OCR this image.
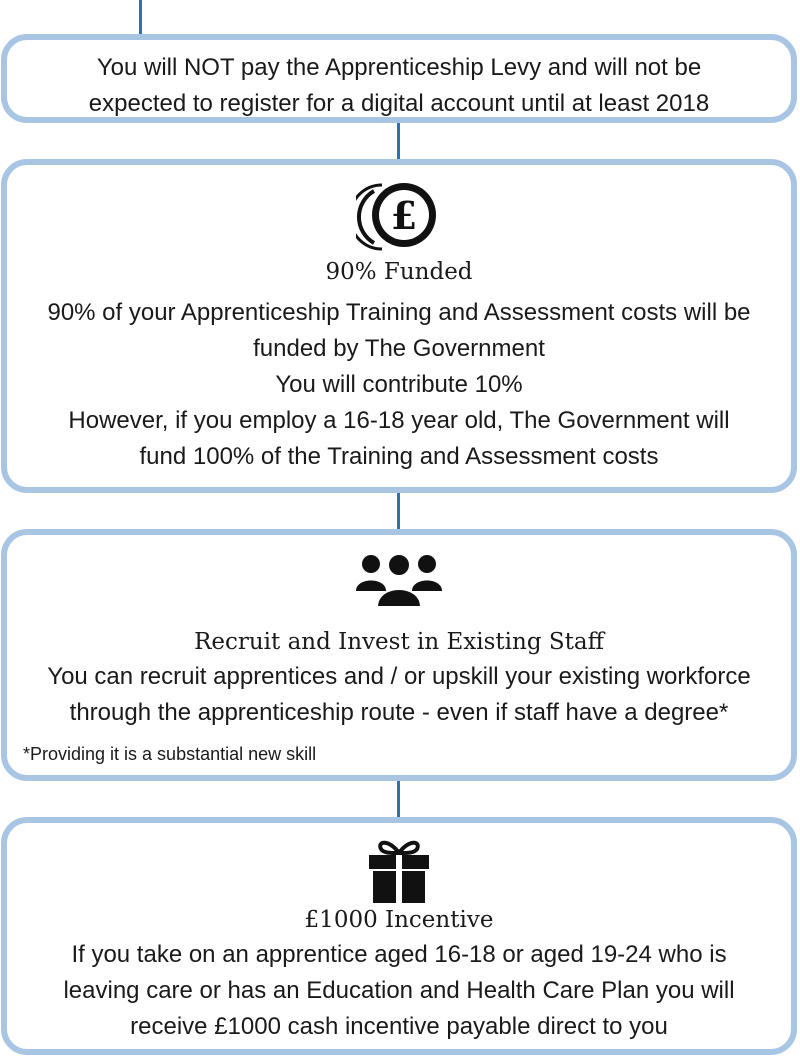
You will NOT pay the Apprenticeship Levy and will not be

expected to register for a digital account until at least 2018

£

90% Funded

90% of your Apprenticeship Training and Assessment costs will be

funded by The Government

You will contribute 10%

However, if you employ a 16-18 year old, The Government will

fund 100% of the Training and Assessment costs

Recruit and Invest in Existing Staff

You can recruit apprentices and / or upskill your existing workforce

through the apprenticeship route - even if staff have a degree*

*Providing it is a substantial new skill

£1000 Incentive

If you take on an apprentice aged 16-18 or aged 19-24 who is

leaving care or has an Education and Health Care Plan you will

receive £1000 cash incentive payable direct to you
